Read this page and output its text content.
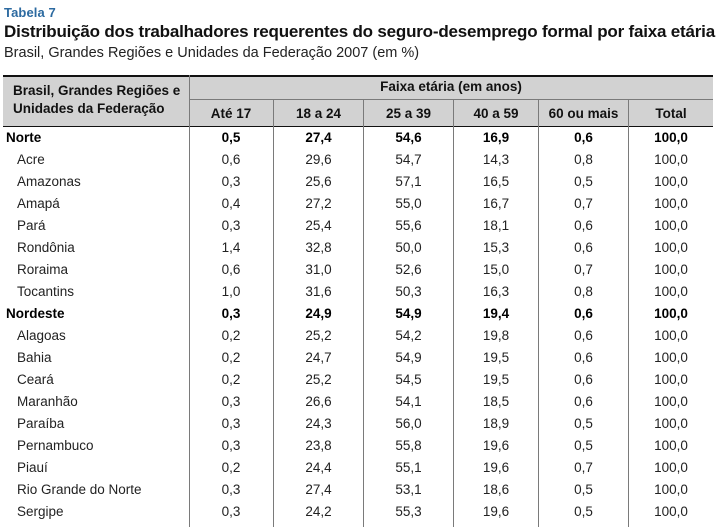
Tabela 7
Distribuição dos trabalhadores requerentes do seguro-desemprego formal por faixa etária
Brasil, Grandes Regiões e Unidades da Federação 2007 (em %)
Brasil, Grandes Regiões e Unidades da Federação
Faixa etária (em anos)
Até 17	18 a 24	25 a 39	40 a 59	60 ou mais	Total
Norte	0,5	27,4	54,6	16,9	0,6	100,0
Acre	0,6	29,6	54,7	14,3	0,8	100,0
Amazonas	0,3	25,6	57,1	16,5	0,5	100,0
Amapá	0,4	27,2	55,0	16,7	0,7	100,0
Pará	0,3	25,4	55,6	18,1	0,6	100,0
Rondônia	1,4	32,8	50,0	15,3	0,6	100,0
Roraima	0,6	31,0	52,6	15,0	0,7	100,0
Tocantins	1,0	31,6	50,3	16,3	0,8	100,0
Nordeste	0,3	24,9	54,9	19,4	0,6	100,0
Alagoas	0,2	25,2	54,2	19,8	0,6	100,0
Bahia	0,2	24,7	54,9	19,5	0,6	100,0
Ceará	0,2	25,2	54,5	19,5	0,6	100,0
Maranhão	0,3	26,6	54,1	18,5	0,6	100,0
Paraíba	0,3	24,3	56,0	18,9	0,5	100,0
Pernambuco	0,3	23,8	55,8	19,6	0,5	100,0
Piauí	0,2	24,4	55,1	19,6	0,7	100,0
Rio Grande do Norte	0,3	27,4	53,1	18,6	0,5	100,0
Sergipe	0,3	24,2	55,3	19,6	0,5	100,0
